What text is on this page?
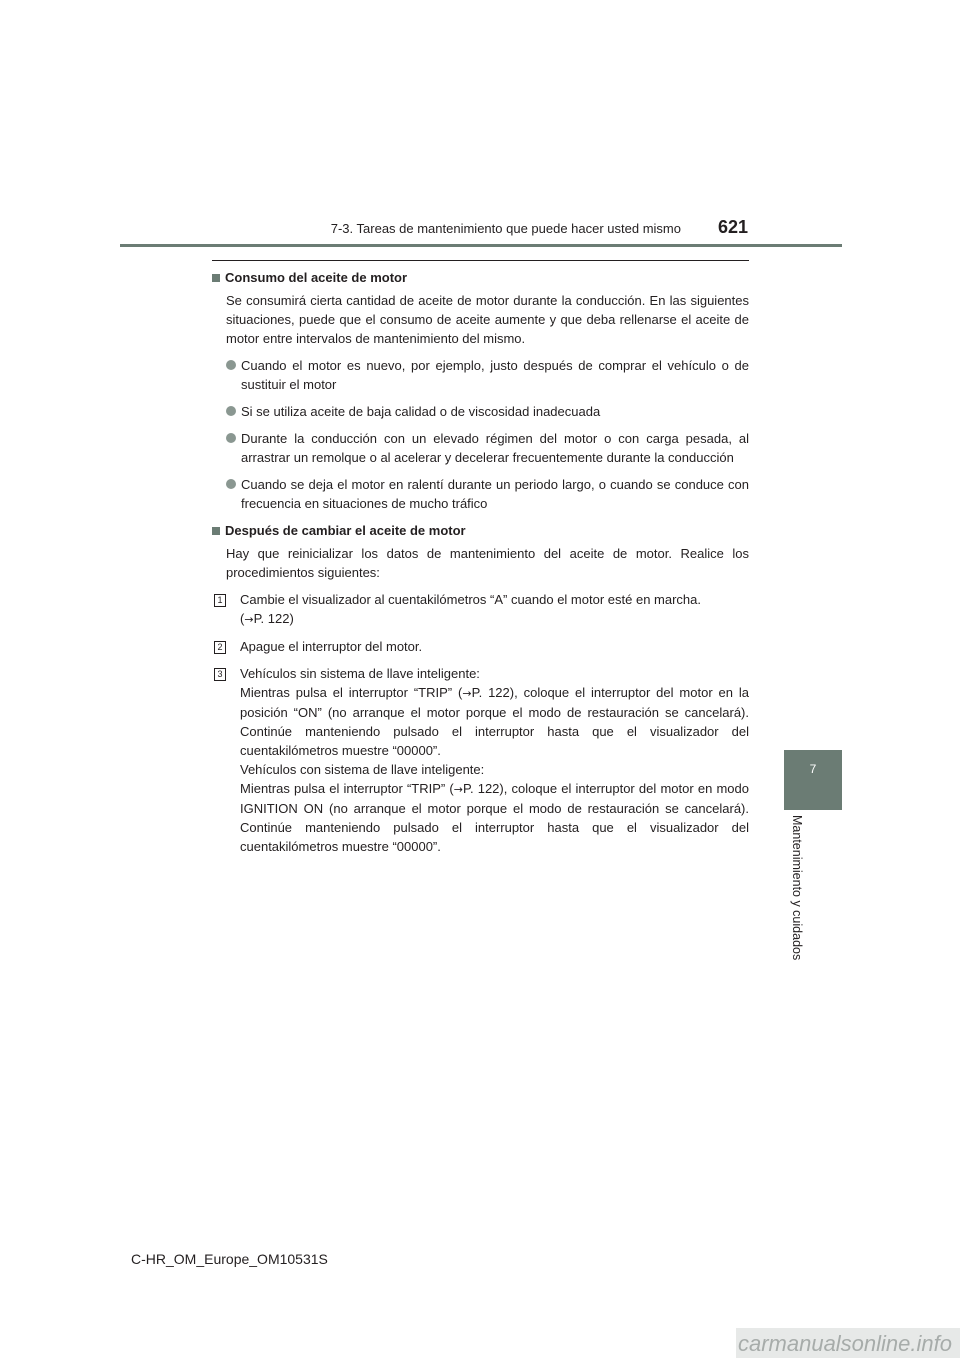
7-3. Tareas de mantenimiento que puede hacer usted mismo 621
7
Mantenimiento y cuidados
Consumo del aceite de motor

Se consumirá cierta cantidad de aceite de motor durante la conducción. En las siguientes situaciones, puede que el consumo de aceite aumente y que deba rellenarse el aceite de motor entre intervalos de mantenimiento del mismo.

Cuando el motor es nuevo, por ejemplo, justo después de comprar el vehículo o de sustituir el motor
Si se utiliza aceite de baja calidad o de viscosidad inadecuada
Durante la conducción con un elevado régimen del motor o con carga pesada, al arrastrar un remolque o al acelerar y decelerar frecuentemente durante la conducción
Cuando se deja el motor en ralentí durante un periodo largo, o cuando se conduce con frecuencia en situaciones de mucho tráfico
Después de cambiar el aceite de motor

Hay que reinicializar los datos de mantenimiento del aceite de motor. Realice los procedimientos siguientes:

1 Cambie el visualizador al cuentakilómetros “A” cuando el motor esté en marcha.
(→P. 122)
2 Apague el interruptor del motor.
3 Vehículos sin sistema de llave inteligente:
Mientras pulsa el interruptor “TRIP” (→P. 122), coloque el interruptor del motor en la posición “ON” (no arranque el motor porque el modo de restauración se cancelará). Continúe manteniendo pulsado el interruptor hasta que el visualizador del cuentakilómetros muestre “00000”.

Vehículos con sistema de llave inteligente:
Mientras pulsa el interruptor “TRIP” (→P. 122), coloque el interruptor del motor en modo IGNITION ON (no arranque el motor porque el modo de restauración se cancelará). Continúe manteniendo pulsado el interruptor hasta que el visualizador del cuentakilómetros muestre “00000”.

C-HR_OM_Europe_OM10531S
carmanualsonline.info
